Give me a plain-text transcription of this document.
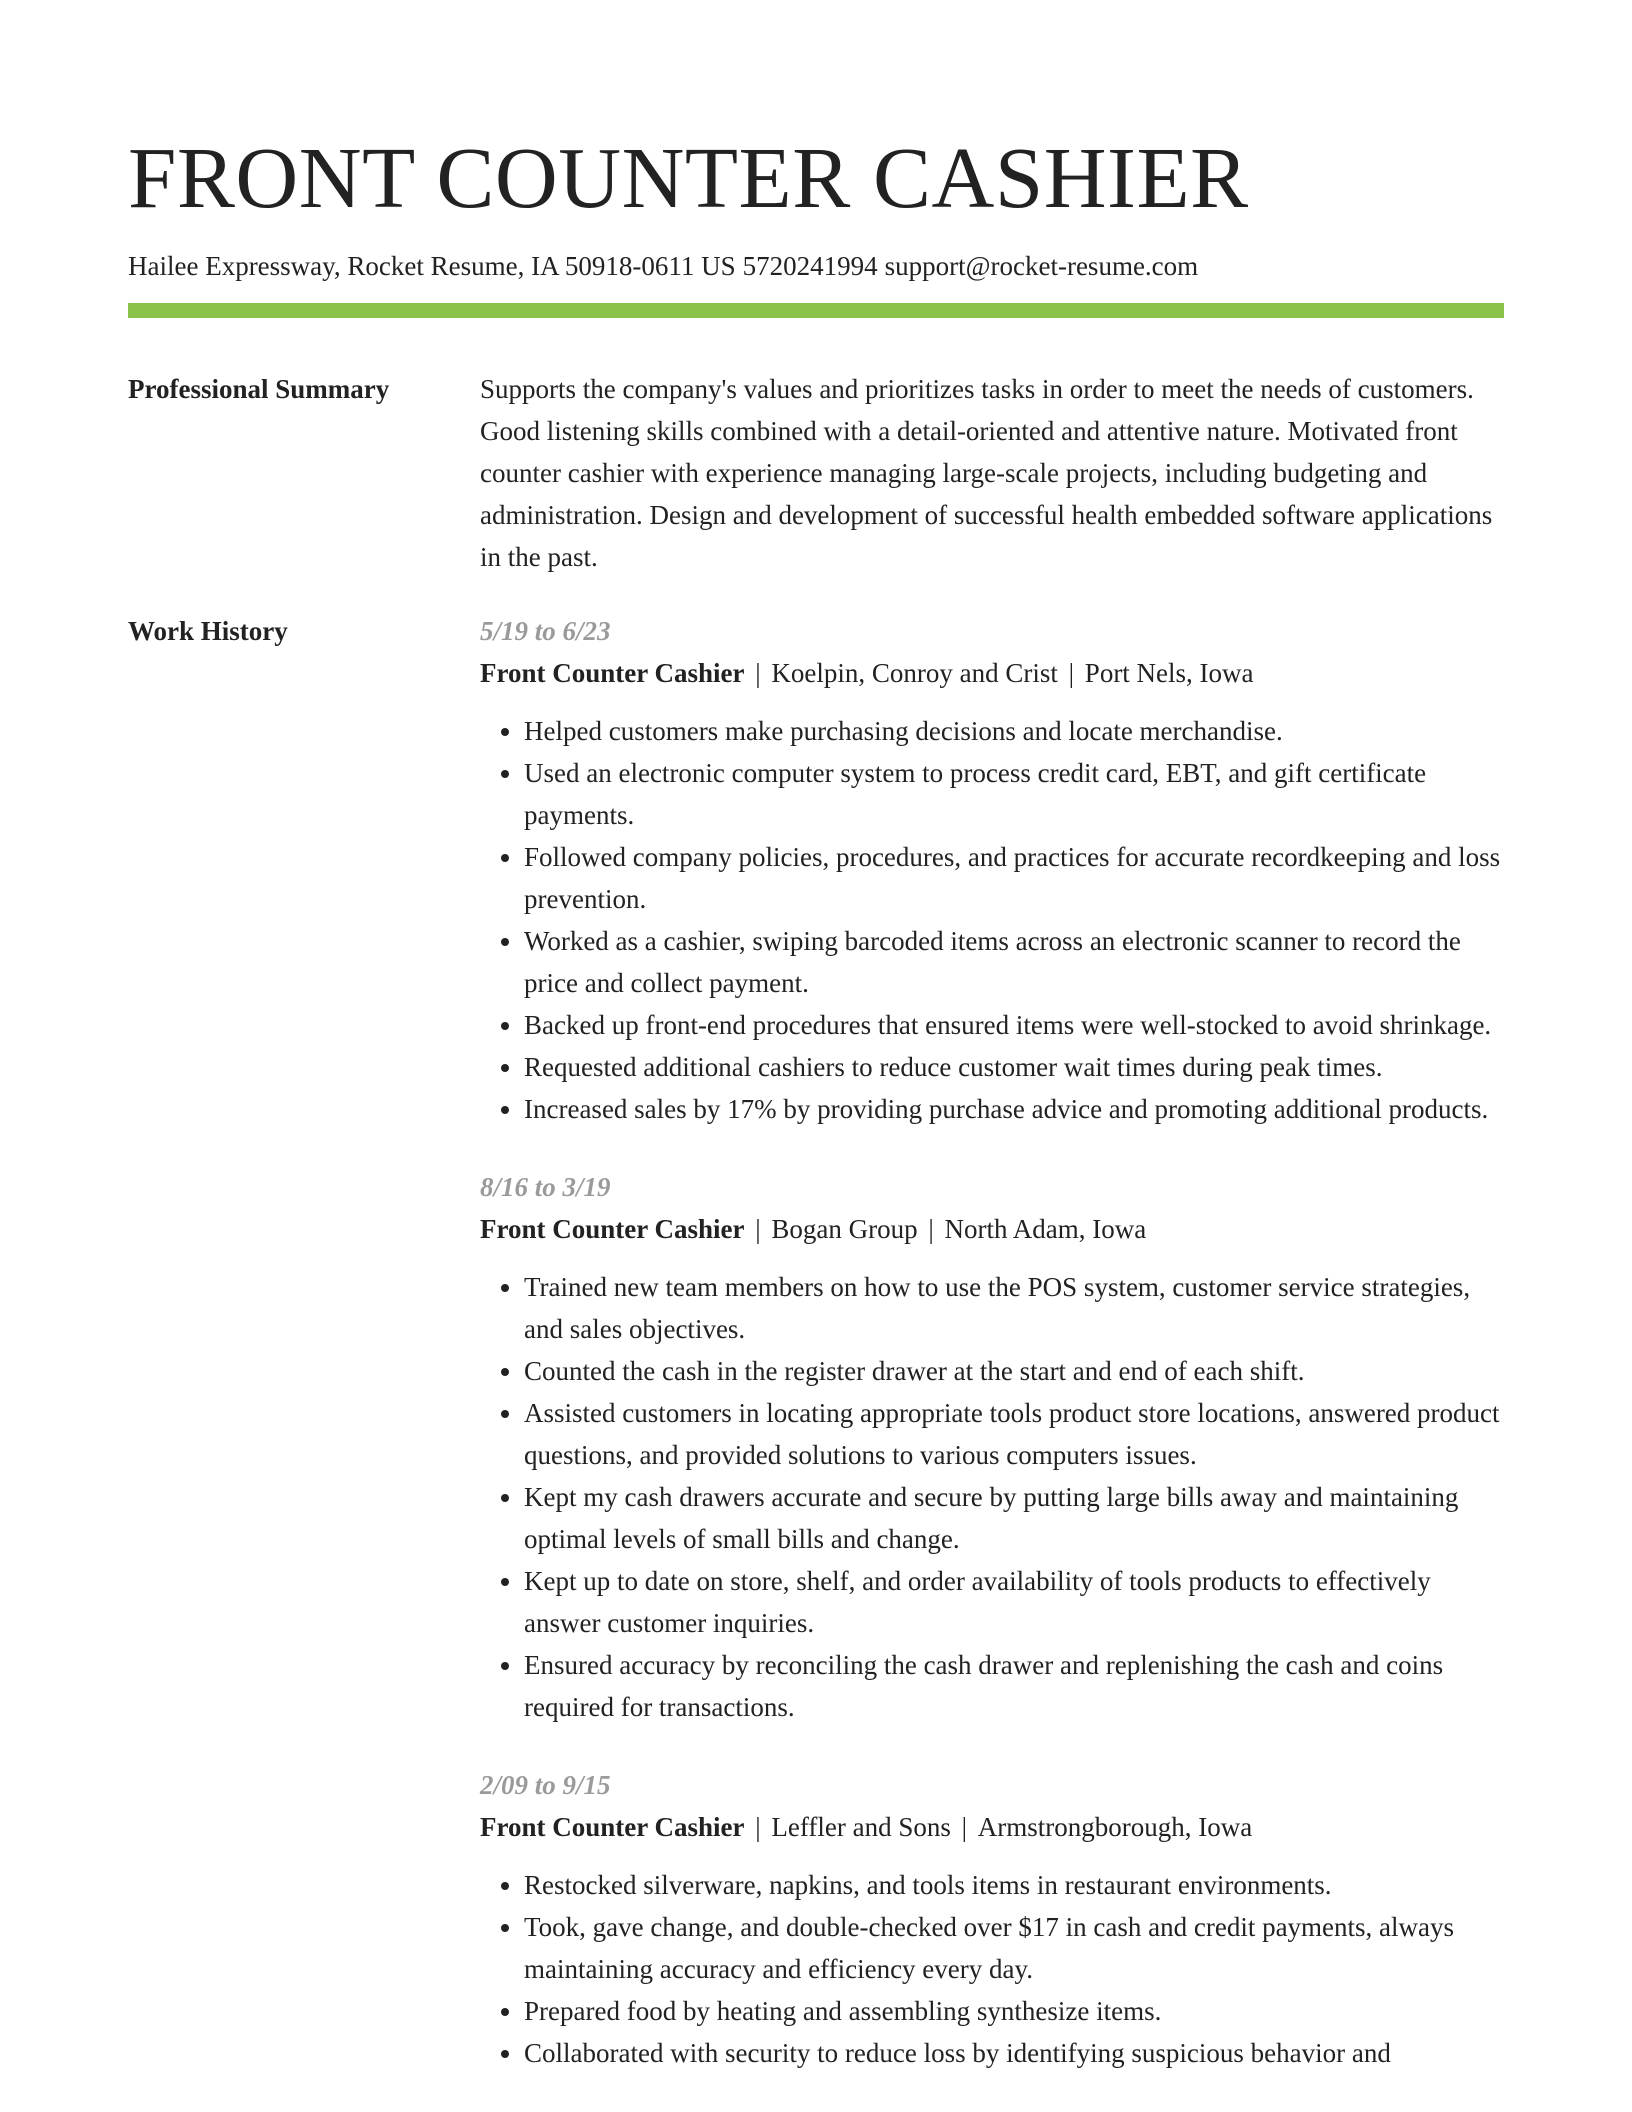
FRONT COUNTER CASHIER
Hailee Expressway, Rocket Resume, IA 50918-0611 US 5720241994 support@rocket-resume.com
Professional Summary	Supports the company's values and prioritizes tasks in order to meet the needs of customers. Good listening skills combined with a detail-oriented and attentive nature. Motivated front counter cashier with experience managing large-scale projects, including budgeting and administration. Design and development of successful health embedded software applications in the past.
Work History	5/19 to 6/23
Front Counter Cashier | Koelpin, Conroy and Crist | Port Nels, Iowa
• Helped customers make purchasing decisions and locate merchandise.
• Used an electronic computer system to process credit card, EBT, and gift certificate payments.
• Followed company policies, procedures, and practices for accurate recordkeeping and loss prevention.
• Worked as a cashier, swiping barcoded items across an electronic scanner to record the price and collect payment.
• Backed up front-end procedures that ensured items were well-stocked to avoid shrinkage.
• Requested additional cashiers to reduce customer wait times during peak times.
• Increased sales by 17% by providing purchase advice and promoting additional products.
8/16 to 3/19
Front Counter Cashier | Bogan Group | North Adam, Iowa
• Trained new team members on how to use the POS system, customer service strategies, and sales objectives.
• Counted the cash in the register drawer at the start and end of each shift.
• Assisted customers in locating appropriate tools product store locations, answered product questions, and provided solutions to various computers issues.
• Kept my cash drawers accurate and secure by putting large bills away and maintaining optimal levels of small bills and change.
• Kept up to date on store, shelf, and order availability of tools products to effectively answer customer inquiries.
• Ensured accuracy by reconciling the cash drawer and replenishing the cash and coins required for transactions.
2/09 to 9/15
Front Counter Cashier | Leffler and Sons | Armstrongborough, Iowa
• Restocked silverware, napkins, and tools items in restaurant environments.
• Took, gave change, and double-checked over $17 in cash and credit payments, always maintaining accuracy and efficiency every day.
• Prepared food by heating and assembling synthesize items.
• Collaborated with security to reduce loss by identifying suspicious behavior and
